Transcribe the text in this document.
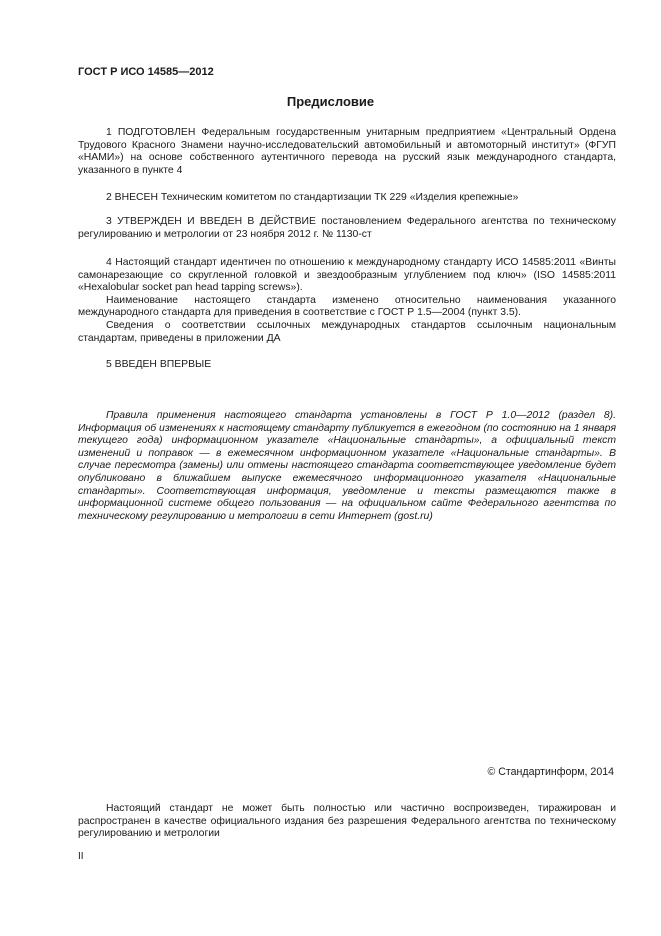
ГОСТ Р ИСО 14585—2012
Предисловие

1 ПОДГОТОВЛЕН Федеральным государственным унитарным предприятием «Центральный Ордена Трудового Красного Знамени научно-исследовательский автомобильный и автомоторный институт» (ФГУП «НАМИ») на основе собственного аутентичного перевода на русский язык международного стандарта, указанного в пункте 4

2 ВНЕСЕН Техническим комитетом по стандартизации ТК 229 «Изделия крепежные»

3 УТВЕРЖДЕН И ВВЕДЕН В ДЕЙСТВИЕ постановлением Федерального агентства по техническому регулированию и метрологии от 23 ноября 2012 г. № 1130-ст

4 Настоящий стандарт идентичен по отношению к международному стандарту ИСО 14585:2011 «Винты самонарезающие со скругленной головкой и звездообразным углублением под ключ» (ISO 14585:2011 «Hexalobular socket pan head tapping screws»).

Наименование настоящего стандарта изменено относительно наименования указанного международного стандарта для приведения в соответствие с ГОСТ Р 1.5—2004 (пункт 3.5).

Сведения о соответствии ссылочных международных стандартов ссылочным национальным стандартам, приведены в приложении ДА

5 ВВЕДЕН ВПЕРВЫЕ

Правила применения настоящего стандарта установлены в ГОСТ Р 1.0—2012 (раздел 8). Информация об изменениях к настоящему стандарту публикуется в ежегодном (по состоянию на 1 января текущего года) информационном указателе «Национальные стандарты», а официальный текст изменений и поправок — в ежемесячном информационном указателе «Национальные стандарты». В случае пересмотра (замены) или отмены настоящего стандарта соответствующее уведомление будет опубликовано в ближайшем выпуске ежемесячного информационного указателя «Национальные стандарты». Соответствующая информация, уведомление и тексты размещаются также в информационной системе общего пользования — на официальном сайте Федерального агентства по техническому регулированию и метрологии в сети Интернет (gost.ru)

© Стандартинформ, 2014

Настоящий стандарт не может быть полностью или частично воспроизведен, тиражирован и распространен в качестве официального издания без разрешения Федерального агентства по техническому регулированию и метрологии

II
